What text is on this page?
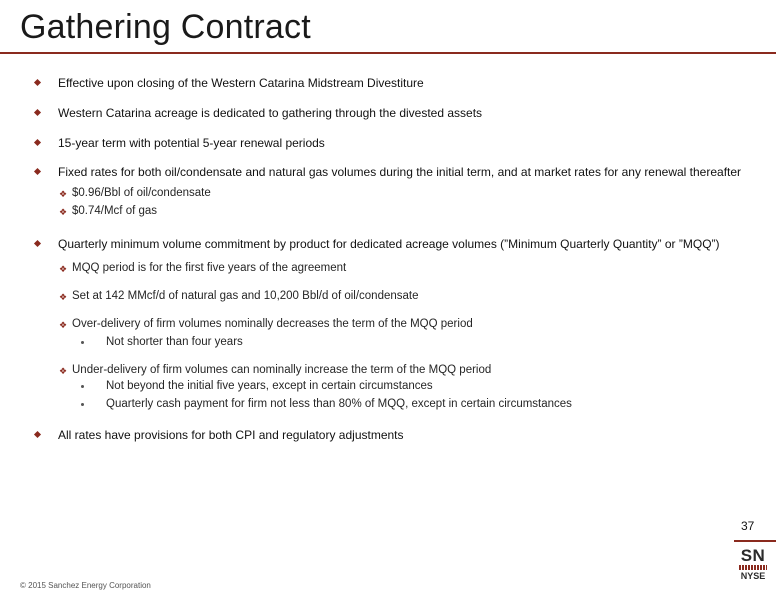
Gathering Contract
Effective upon closing of the Western Catarina Midstream Divestiture
Western Catarina acreage is dedicated to gathering through the divested assets
15-year term with potential 5-year renewal periods
Fixed rates for both oil/condensate and natural gas volumes during the initial term, and at market rates for any renewal thereafter
❖ $0.96/Bbl of oil/condensate
❖ $0.74/Mcf of gas
Quarterly minimum volume commitment by product for dedicated acreage volumes (”Minimum Quarterly Quantity” or ”MQQ”)
❖ MQQ period is for the first five years of the agreement
❖ Set at 142 MMcf/d of natural gas and 10,200 Bbl/d of oil/condensate
❖ Over-delivery of firm volumes nominally decreases the term of the MQQ period
Not shorter than four years
❖ Under-delivery of firm volumes can nominally increase the term of the MQQ period
Not beyond the initial five years, except in certain circumstances
Quarterly cash payment for firm not less than 80% of MQQ, except in certain circumstances
All rates have provisions for both CPI and regulatory adjustments
37
SN
NYSE
© 2015 Sanchez Energy Corporation
